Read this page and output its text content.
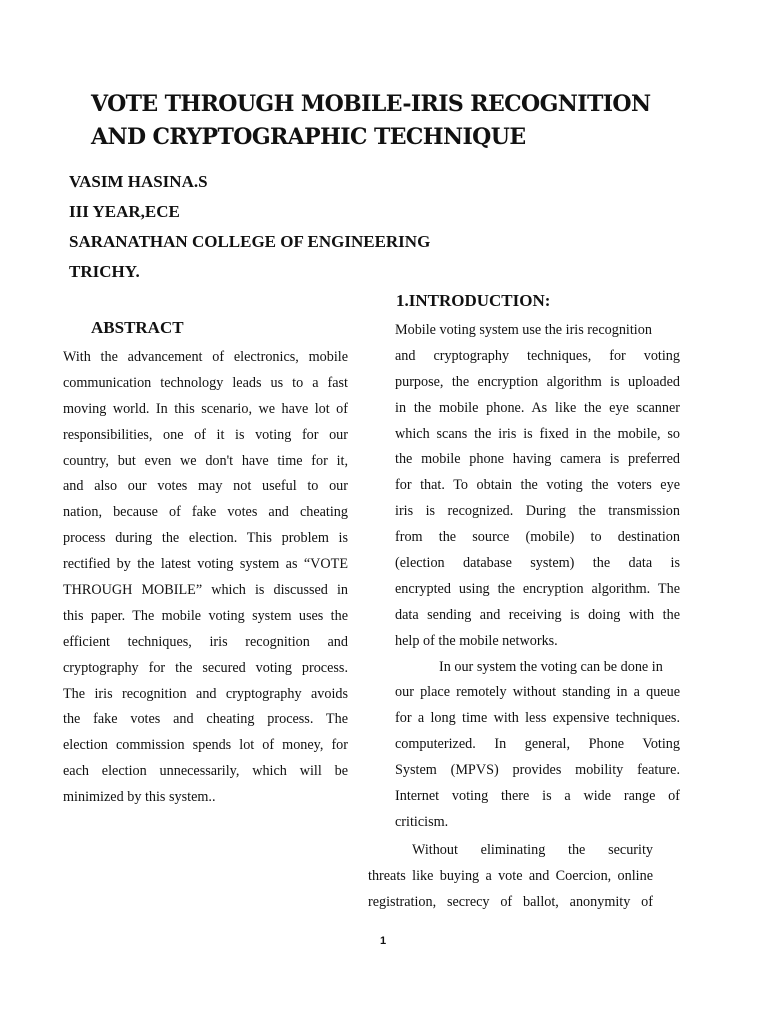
VOTE THROUGH MOBILE-IRIS RECOGNITION
AND CRYPTOGRAPHIC TECHNIQUE

VASIM HASINA.S

III YEAR,ECE

SARANATHAN COLLEGE OF ENGINEERING

TRICHY.

ABSTRACT

1.INTRODUCTION:

With the advancement of electronics, mobile
communication technology leads us to a fast
moving world. In this scenario, we have lot of
responsibilities, one of it is voting for our
country, but even we don't have time for it,
and also our votes may not useful to our
nation, because of fake votes and cheating
process during the election. This problem is
rectified by the latest voting system as “VOTE
THROUGH MOBILE” which is discussed in
this paper. The mobile voting system uses the
efficient techniques, iris recognition and
cryptography for the secured voting process.
The iris recognition and cryptography avoids
the fake votes and cheating process. The
election commission spends lot of money, for
each election unnecessarily, which will be
minimized by this system..
Mobile voting system use the iris recognition
and cryptography techniques, for voting
purpose, the encryption algorithm is uploaded
in the mobile phone. As like the eye scanner
which scans the iris is fixed in the mobile, so
the mobile phone having camera is preferred
for that. To obtain the voting the voters eye
iris is recognized. During the transmission
from the source (mobile) to destination
(election database system) the data is
encrypted using the encryption algorithm. The
data sending and receiving is doing with the
help of the mobile networks.
In our system the voting can be done in
our place remotely without standing in a queue
for a long time with less expensive techniques.
computerized. In general, Phone Voting
System (MPVS) provides mobility feature.
Internet voting there is a wide range of
criticism.
Without eliminating the security
threats like buying a vote and Coercion, online
registration, secrecy of ballot, anonymity of

1
